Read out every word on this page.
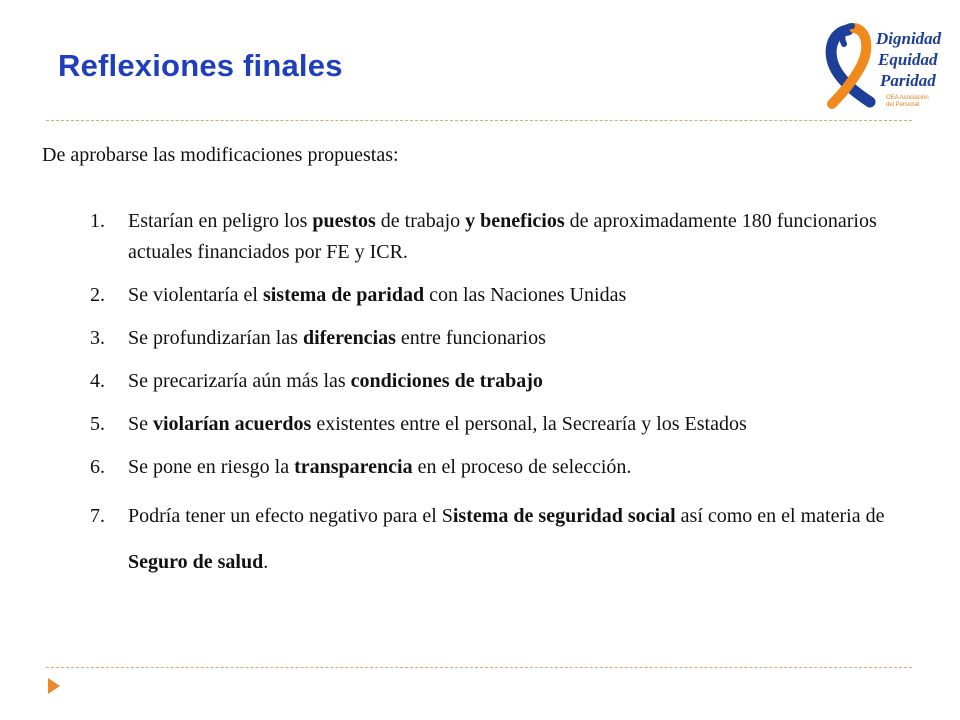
Reflexiones finales
Dignidad
Equidad
Paridad
OEA Asociación
del Personal
De aprobarse las modificaciones propuestas:
1. Estarían en peligro los puestos de trabajo y beneficios de aproximadamente 180 funcionarios actuales financiados por FE y ICR.
2. Se violentaría el sistema de paridad con las Naciones Unidas
3. Se profundizarían las diferencias entre funcionarios
4. Se precarizaría aún más las condiciones de trabajo
5. Se violarían acuerdos existentes entre el personal, la Secrearía y los Estados
6. Se pone en riesgo la transparencia en el proceso de selección.
7. Podría tener un efecto negativo para el Sistema de seguridad social así como en el materia de Seguro de salud.
